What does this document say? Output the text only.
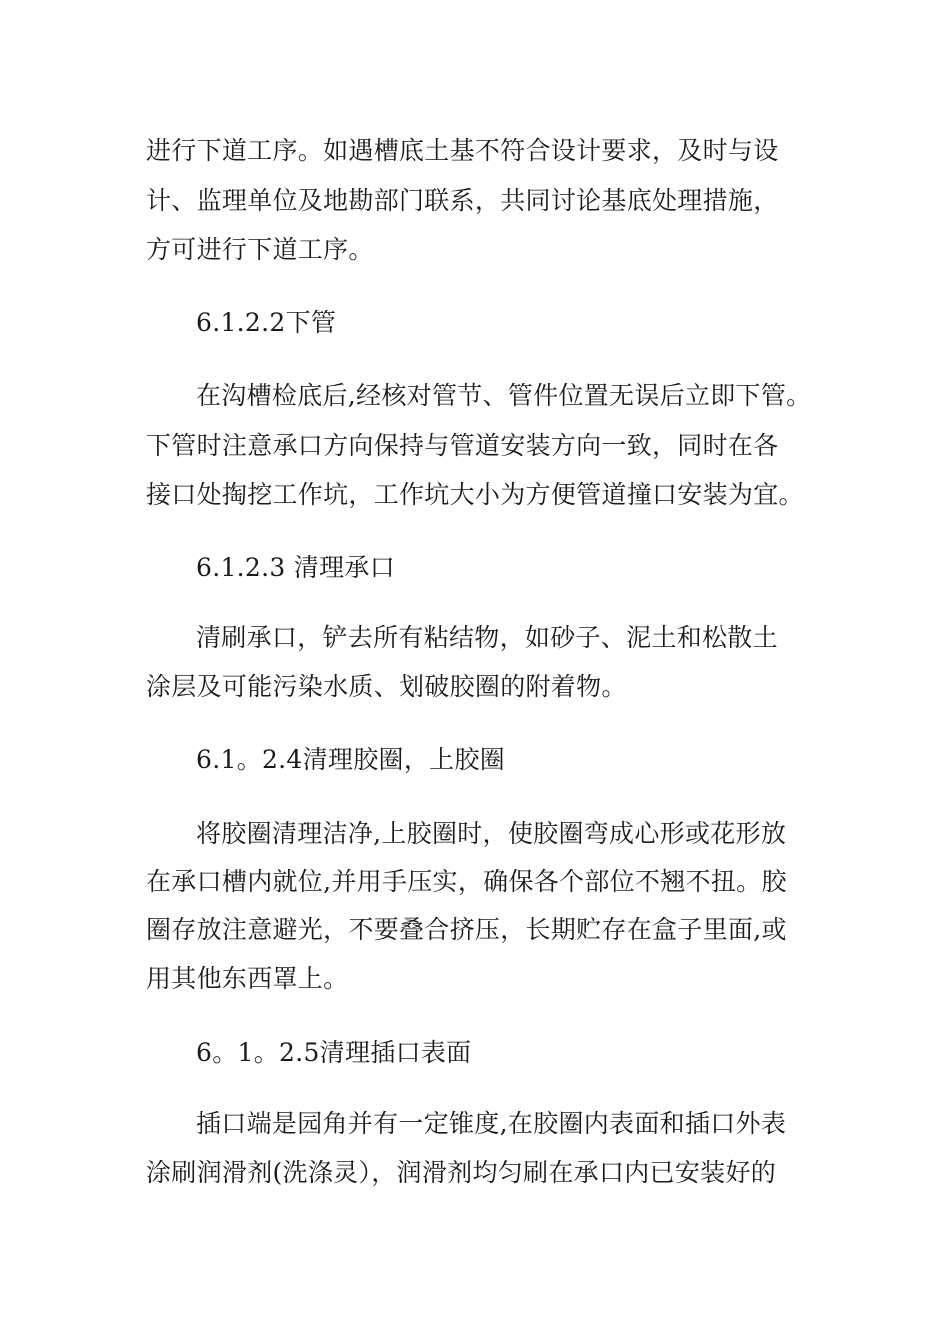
进行下道工序。如遇槽底土基不符合设计要求，及时与设
计、监理单位及地勘部门联系，共同讨论基底处理措施，
方可进行下道工序。
6.1.2.2下管
在沟槽检底后,经核对管节、管件位置无误后立即下管。
下管时注意承口方向保持与管道安装方向一致，同时在各
接口处掏挖工作坑，工作坑大小为方便管道撞口安装为宜。
6.1.2.3 清理承口
清刷承口，铲去所有粘结物，如砂子、泥土和松散土
涂层及可能污染水质、划破胶圈的附着物。
6.1。2.4清理胶圈，上胶圈
将胶圈清理洁净,上胶圈时，使胶圈弯成心形或花形放
在承口槽内就位,并用手压实，确保各个部位不翘不扭。胶
圈存放注意避光，不要叠合挤压，长期贮存在盒子里面,或
用其他东西罩上。
6。1。2.5清理插口表面
插口端是园角并有一定锥度,在胶圈内表面和插口外表
涂刷润滑剂(洗涤灵），润滑剂均匀刷在承口内已安装好的
